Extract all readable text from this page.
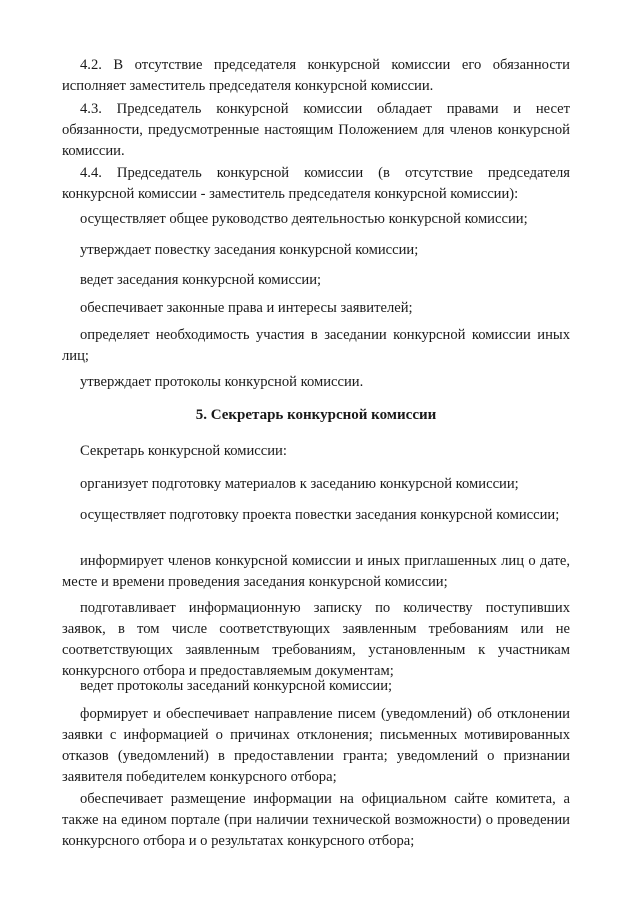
4.2. В отсутствие председателя конкурсной комиссии его обязанности исполняет заместитель председателя конкурсной комиссии.

4.3. Председатель конкурсной комиссии обладает правами и несет обязанности, предусмотренные настоящим Положением для членов конкурсной комиссии.

4.4. Председатель конкурсной комиссии (в отсутствие председателя конкурсной комиссии - заместитель председателя конкурсной комиссии):

осуществляет общее руководство деятельностью конкурсной комиссии;

утверждает повестку заседания конкурсной комиссии;

ведет заседания конкурсной комиссии;

обеспечивает законные права и интересы заявителей;

определяет необходимость участия в заседании конкурсной комиссии иных лиц;

утверждает протоколы конкурсной комиссии.

5. Секретарь конкурсной комиссии

Секретарь конкурсной комиссии:

организует подготовку материалов к заседанию конкурсной комиссии;

осуществляет подготовку проекта повестки заседания конкурсной комиссии;

информирует членов конкурсной комиссии и иных приглашенных лиц о дате, месте и времени проведения заседания конкурсной комиссии;

подготавливает информационную записку по количеству поступивших заявок, в том числе соответствующих заявленным требованиям или не соответствующих заявленным требованиям, установленным к участникам конкурсного отбора и предоставляемым документам;

ведет протоколы заседаний конкурсной комиссии;

формирует и обеспечивает направление писем (уведомлений) об отклонении заявки с информацией о причинах отклонения; письменных мотивированных отказов (уведомлений) в предоставлении гранта; уведомлений о признании заявителя победителем конкурсного отбора;

обеспечивает размещение информации на официальном сайте комитета, а также на едином портале (при наличии технической возможности) о проведении конкурсного отбора и о результатах конкурсного отбора;
